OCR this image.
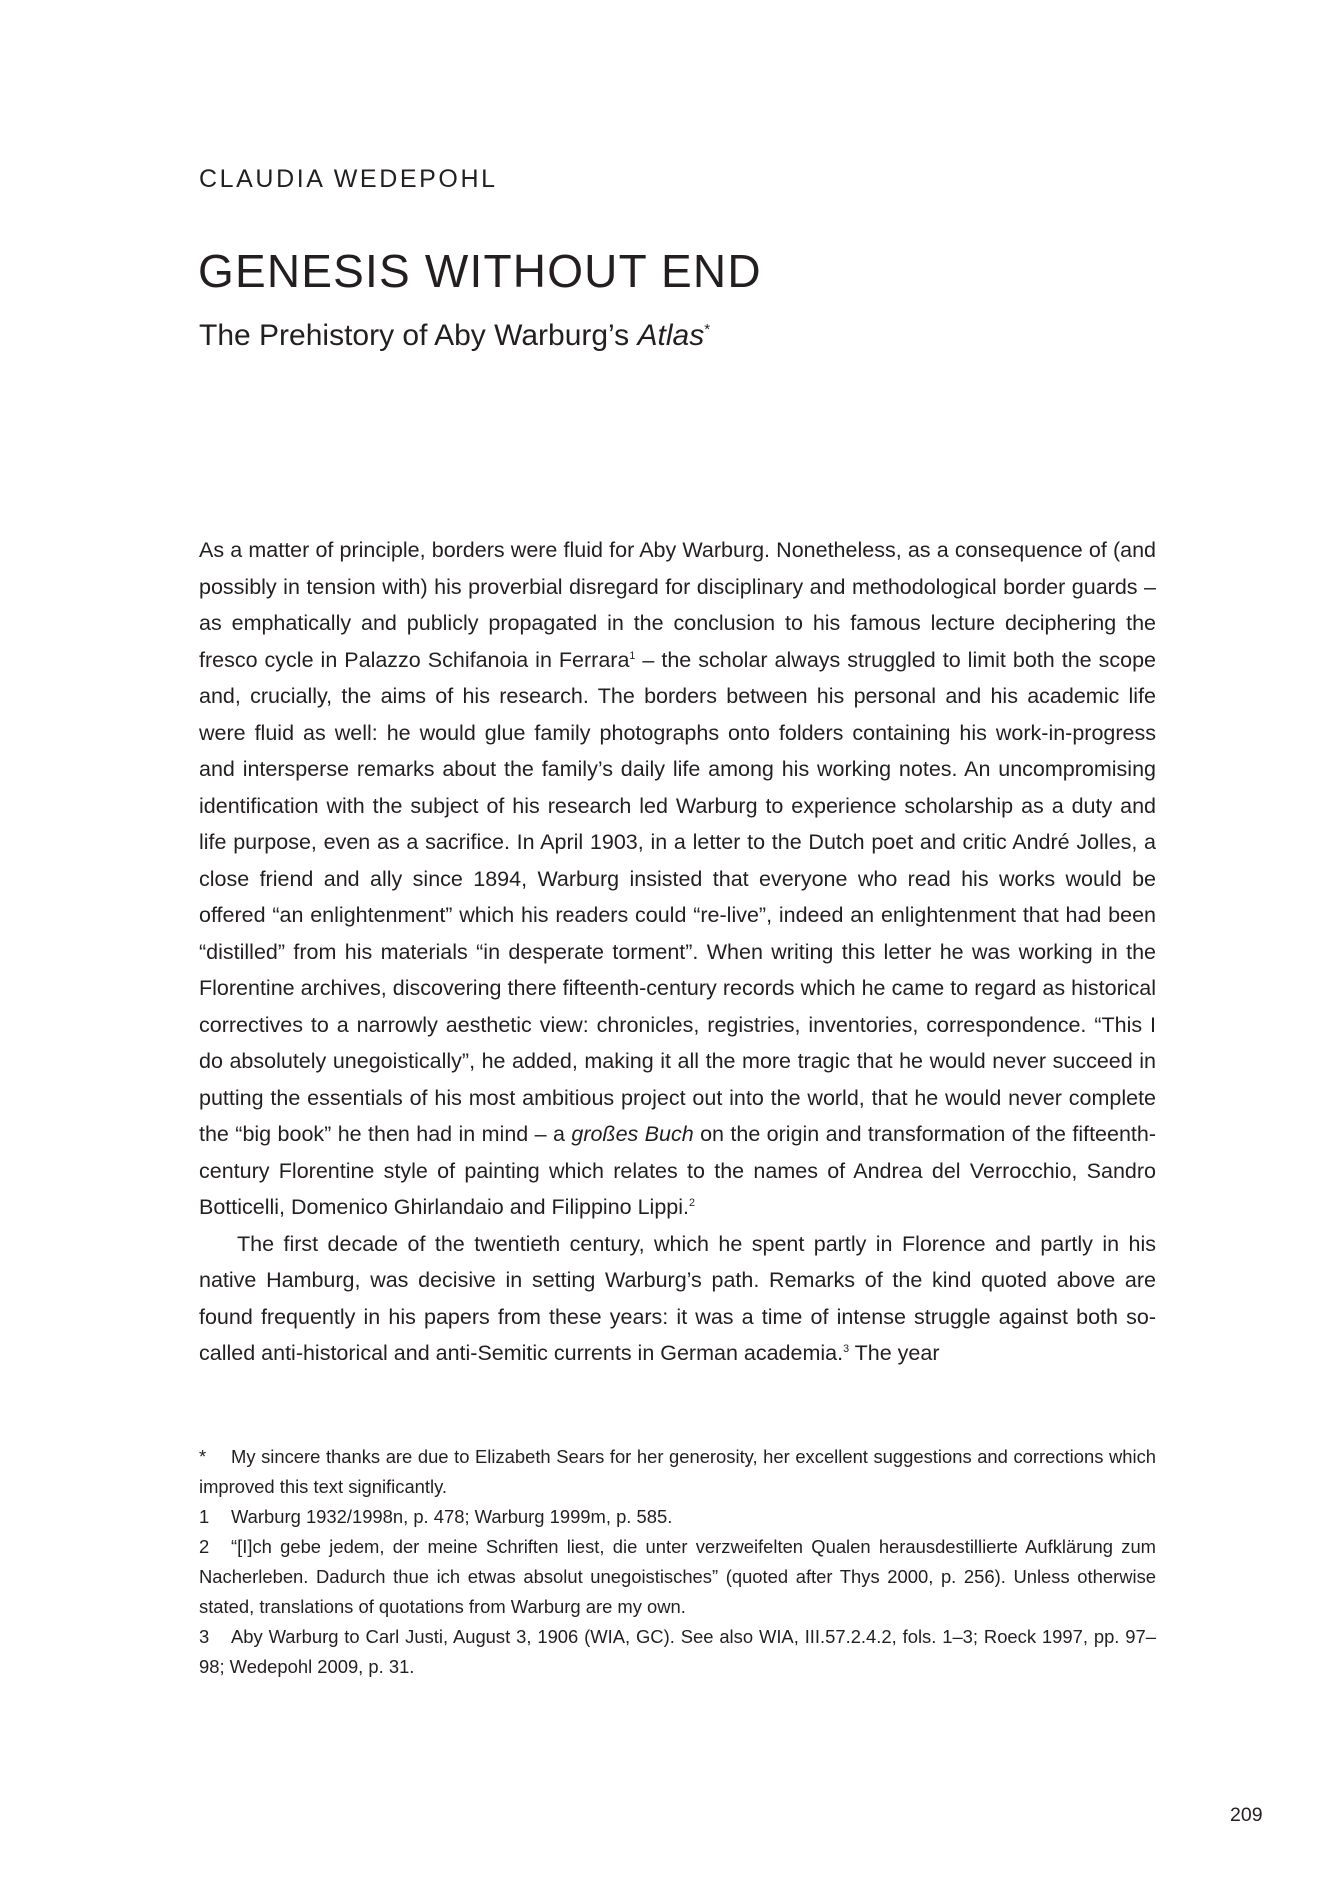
CLAUDIA WEDEPOHL
GENESIS WITHOUT END
The Prehistory of Aby Warburg’s Atlas*

As a matter of principle, borders were fluid for Aby Warburg. Nonetheless, as a consequence of (and possibly in tension with) his proverbial disregard for disciplinary and methodological border guards – as emphatically and publicly propagated in the conclusion to his famous lecture deciphering the fresco cycle in Palazzo Schifanoia in Ferrara$^1$ – the scholar always struggled to limit both the scope and, crucially, the aims of his research. The borders between his personal and his academic life were fluid as well: he would glue family photographs onto folders containing his work-in-progress and intersperse remarks about the family’s daily life among his working notes. An uncompromising identification with the subject of his research led Warburg to experience scholarship as a duty and life purpose, even as a sacrifice. In April 1903, in a letter to the Dutch poet and critic André Jolles, a close friend and ally since 1894, Warburg insisted that everyone who read his works would be offered “an enlightenment” which his readers could “re-live”, indeed an enlightenment that had been “distilled” from his materials “in desperate torment”. When writing this letter he was working in the Florentine archives, discovering there fifteenth-century records which he came to regard as historical correctives to a narrowly aesthetic view: chronicles, registries, inventories, correspondence. “This I do absolutely unegoistically”, he added, making it all the more tragic that he would never succeed in putting the essentials of his most ambitious project out into the world, that he would never complete the “big book” he then had in mind – a großes Buch on the origin and transformation of the fifteenth-century Florentine style of painting which relates to the names of Andrea del Verrocchio, Sandro Botticelli, Domenico Ghirlandaio and Filippino Lippi.$^2$

The first decade of the twentieth century, which he spent partly in Florence and partly in his native Hamburg, was decisive in setting Warburg’s path. Remarks of the kind quoted above are found frequently in his papers from these years: it was a time of intense struggle against both so-called anti-historical and anti-Semitic currents in German academia.$^3$ The year

* My sincere thanks are due to Elizabeth Sears for her generosity, her excellent suggestions and corrections which improved this text significantly.

1 Warburg 1932/1998n, p. 478; Warburg 1999m, p. 585.

2 “[I]ch gebe jedem, der meine Schriften liest, die unter verzweifelten Qualen herausdestillierte Aufklärung zum Nacherleben. Dadurch thue ich etwas absolut unegoistisches” (quoted after Thys 2000, p. 256). Unless otherwise stated, translations of quotations from Warburg are my own.

3 Aby Warburg to Carl Justi, August 3, 1906 (WIA, GC). See also WIA, III.57.2.4.2, fols. 1–3; Roeck 1997, pp. 97–98; Wedepohl 2009, p. 31.

209
